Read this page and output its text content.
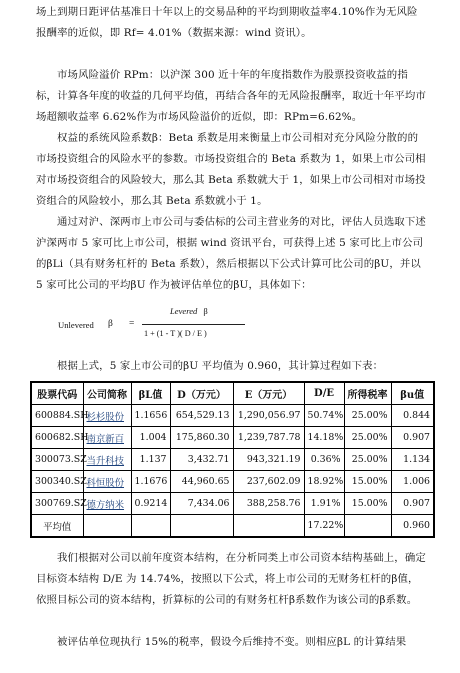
场上到期日距评估基准日十年以上的交易品种的平均到期收益率4.10%作为无风险报酬率的近似，即 Rf= 4.01%（数据来源：wind 资讯）。

市场风险溢价 RPm：以沪深 300 近十年的年度指数作为股票投资收益的指标，计算各年度的收益的几何平均值，再结合各年的无风险报酬率，取近十年平均市场超额收益率 6.62%作为市场风险溢价的近似，即：RPm=6.62%。

权益的系统风险系数β：Beta 系数是用来衡量上市公司相对充分风险分散的的市场投资组合的风险水平的参数。市场投资组合的 Beta 系数为 1，如果上市公司相对市场投资组合的风险较大，那么其 Beta 系数就大于 1，如果上市公司相对市场投资组合的风险较小，那么其 Beta 系数就小于 1。

通过对沪、深两市上市公司与委估标的公司主营业务的对比，评估人员选取下述沪深两市 5 家可比上市公司，根据 wind 资讯平台，可获得上述 5 家可比上市公司的βLi（具有财务杠杆的 Beta 系数），然后根据以下公式计算可比公司的βU，并以 5 家可比公司的平均βU 作为被评估单位的βU，具体如下：

Unlevered β =
Levered β
1 + (1 - T )( D / E )

根据上式，5 家上市公司的βU 平均值为 0.960，其计算过程如下表：

股票代码	公司简称	βL值	D（万元）	E（万元）	D/E	所得税率	βu值
600884.SH	杉杉股份	1.1656	654,529.13	1,290,056.97	50.74%	25.00%	0.844
600682.SH	南京新百	1.004	175,860.30	1,239,787.78	14.18%	25.00%	0.907
300073.SZ	当升科技	1.137	3,432.71	943,321.19	0.36%	25.00%	1.134
300340.SZ	科恒股份	1.1676	44,960.65	237,602.09	18.92%	15.00%	1.006
300769.SZ	德方纳米	0.9214	7,434.06	388,258.76	1.91%	15.00%	0.907
平均值					17.22%		0.960

我们根据对公司以前年度资本结构，在分析同类上市公司资本结构基础上，确定目标资本结构 D/E 为 14.74%，按照以下公式，将上市公司的无财务杠杆的β值，依照目标公司的资本结构，折算标的公司的有财务杠杆β系数作为该公司的β系数。

被评估单位现执行 15%的税率，假设今后维持不变。则相应βL 的计算结果
